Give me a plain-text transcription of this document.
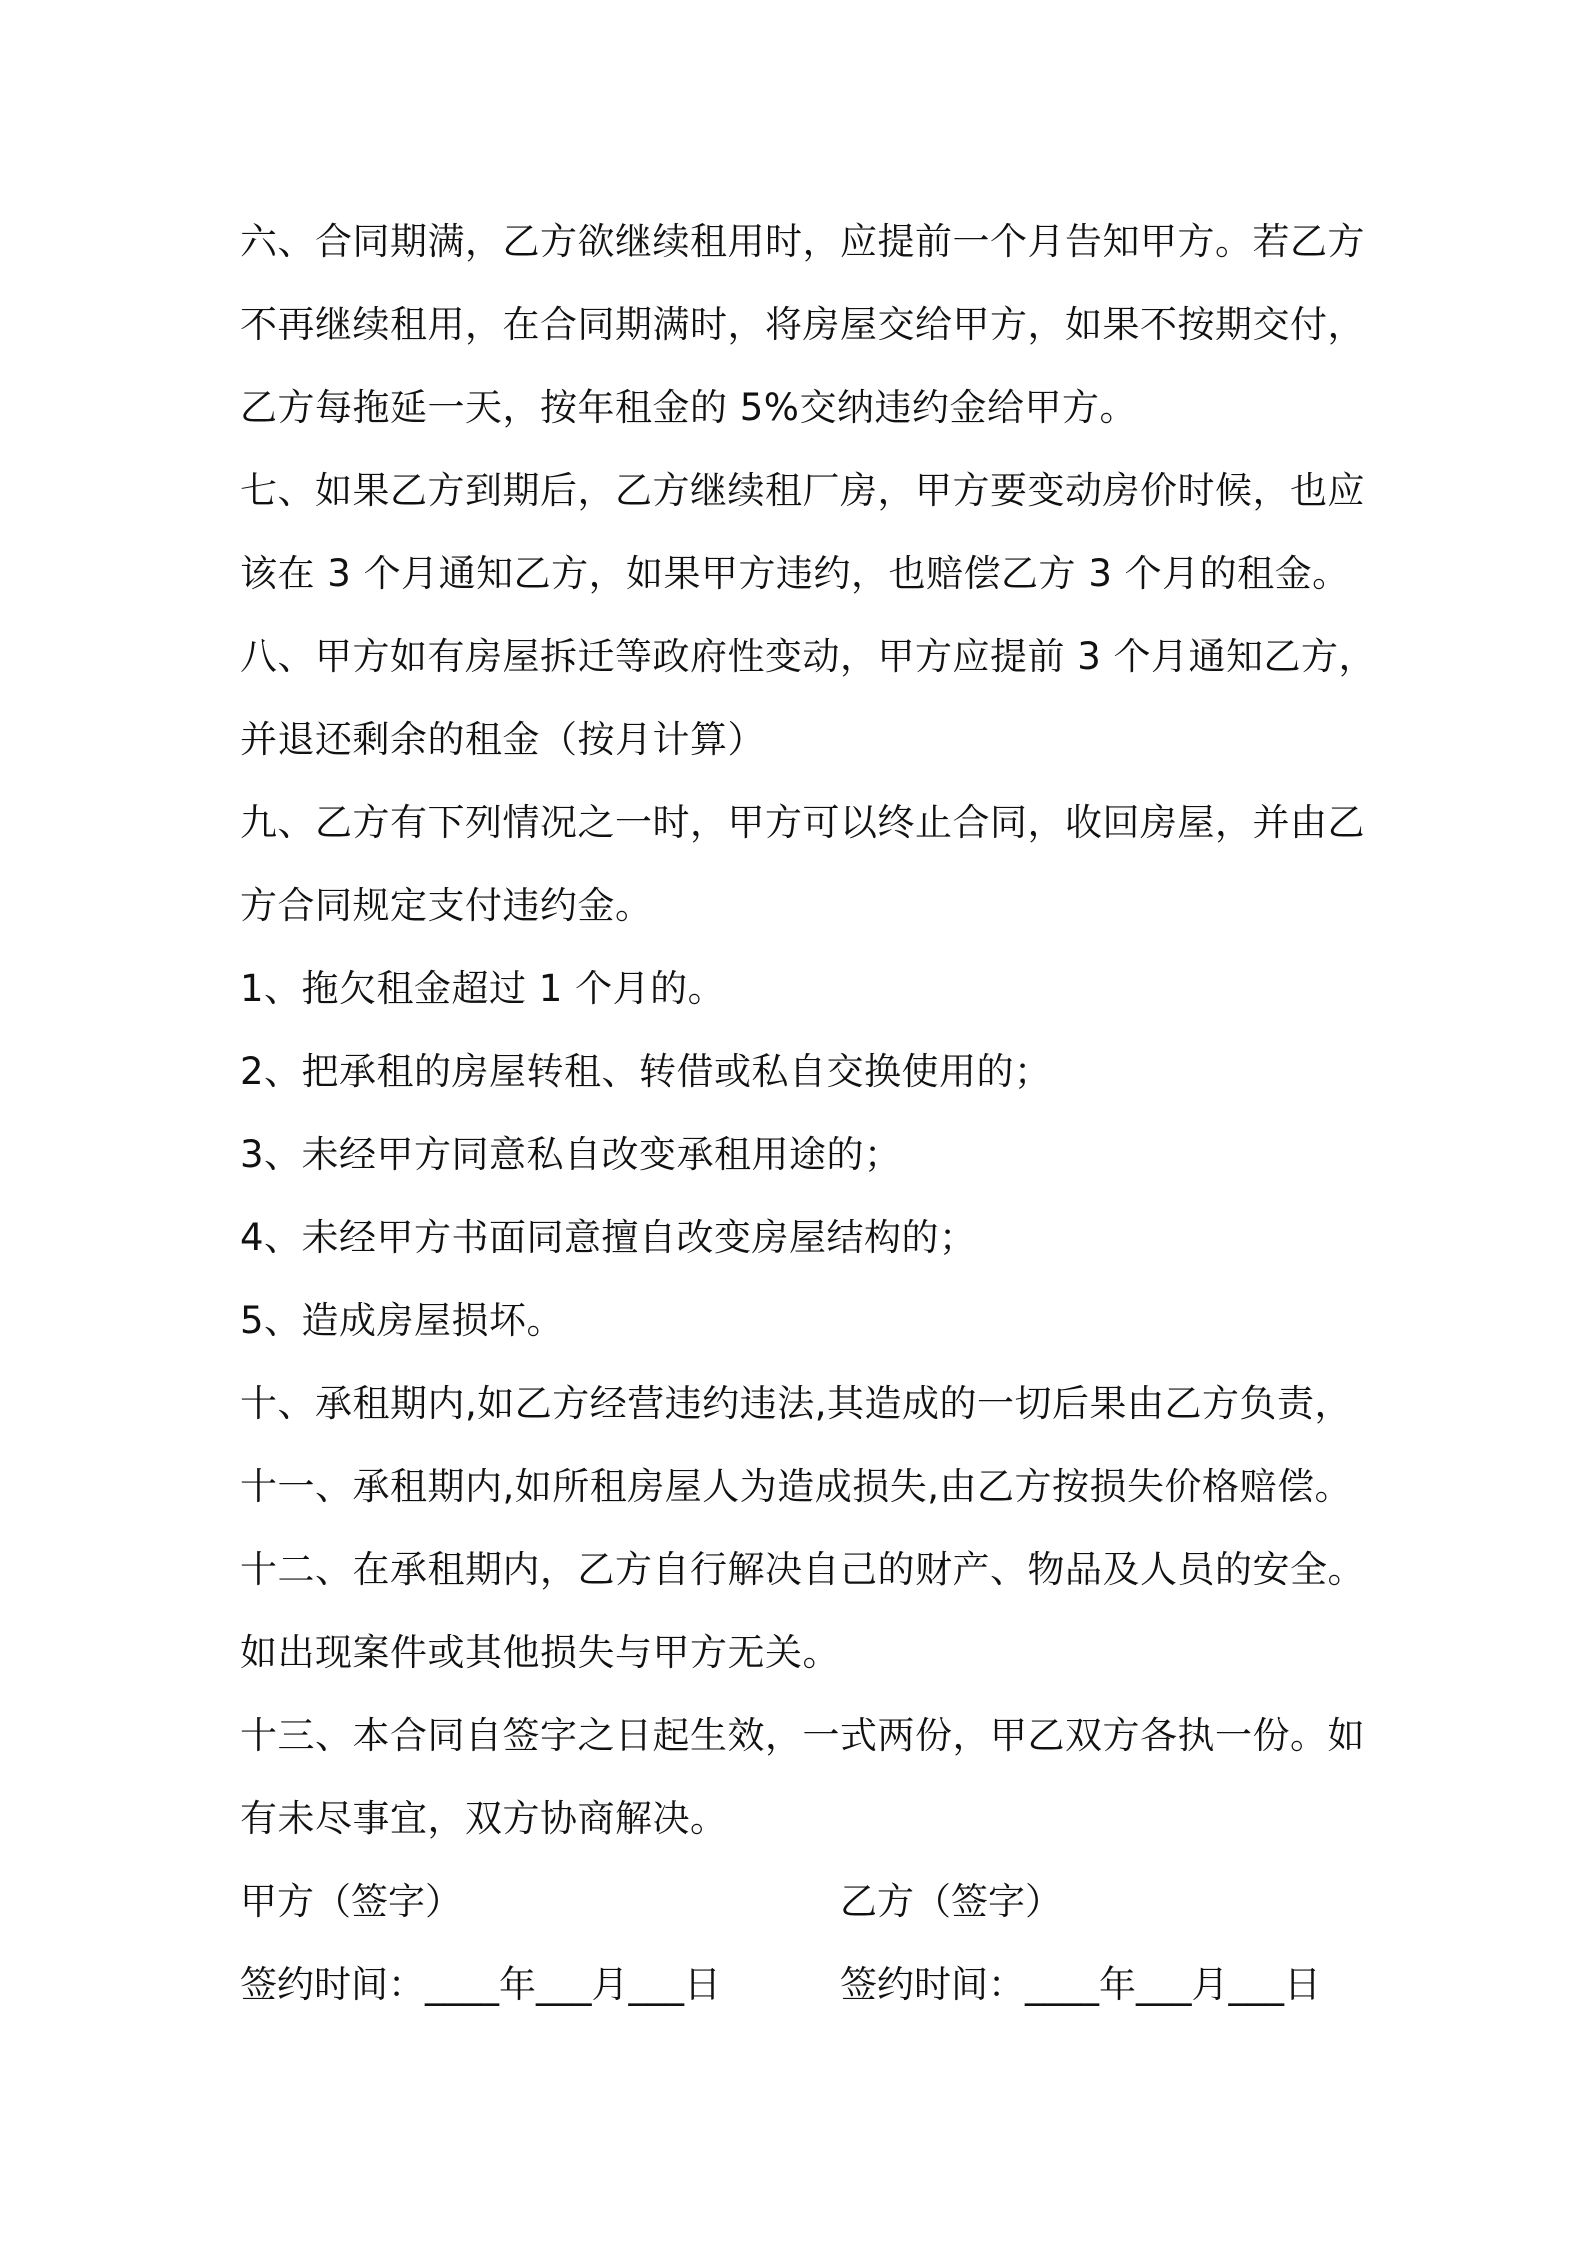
六、合同期满，乙方欲继续租用时，应提前一个月告知甲方。若乙方
不再继续租用，在合同期满时，将房屋交给甲方，如果不按期交付，
乙方每拖延一天，按年租金的 5%交纳违约金给甲方。
七、如果乙方到期后，乙方继续租厂房，甲方要变动房价时候，也应
该在 3 个月通知乙方，如果甲方违约，也赔偿乙方 3 个月的租金。
八、甲方如有房屋拆迁等政府性变动，甲方应提前 3 个月通知乙方，
并退还剩余的租金（按月计算）
九、乙方有下列情况之一时，甲方可以终止合同，收回房屋，并由乙
方合同规定支付违约金。
1、拖欠租金超过 1 个月的。
2、把承租的房屋转租、转借或私自交换使用的；
3、未经甲方同意私自改变承租用途的；
4、未经甲方书面同意擅自改变房屋结构的；
5、造成房屋损坏。
十、承租期内,如乙方经营违约违法,其造成的一切后果由乙方负责，
十一、承租期内,如所租房屋人为造成损失,由乙方按损失价格赔偿。
十二、在承租期内，乙方自行解决自己的财产、物品及人员的安全。
如出现案件或其他损失与甲方无关。
十三、本合同自签字之日起生效，一式两份，甲乙双方各执一份。如
有未尽事宜，双方协商解决。
甲方（签字）	乙方（签字）
签约时间：____年___月___日	签约时间：____年___月___日
